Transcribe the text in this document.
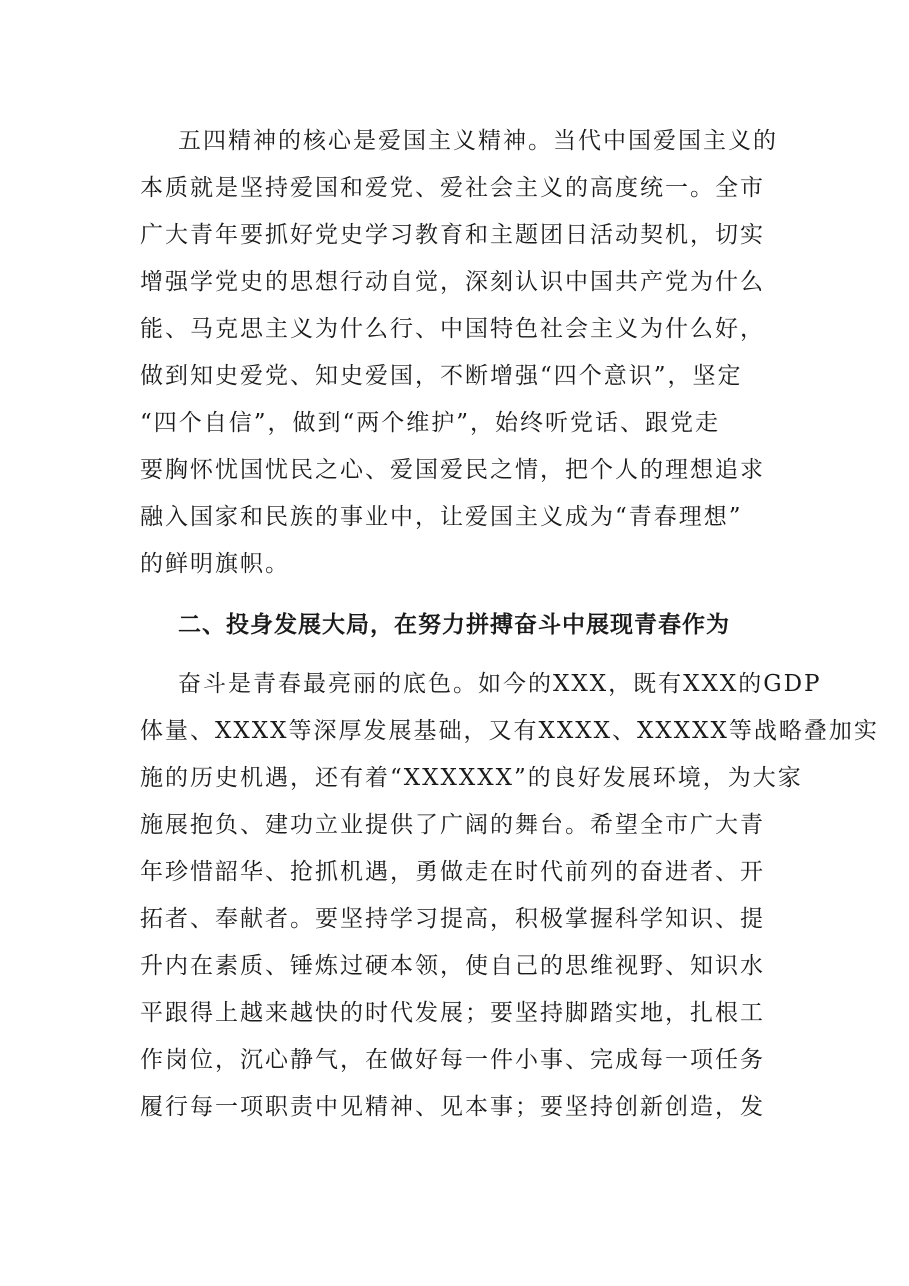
五四精神的核心是爱国主义精神。当代中国爱国主义的
本质就是坚持爱国和爱党、爱社会主义的高度统一。全市
广大青年要抓好党史学习教育和主题团日活动契机，切实
增强学党史的思想行动自觉，深刻认识中国共产党为什么
能、马克思主义为什么行、中国特色社会主义为什么好，
做到知史爱党、知史爱国，不断增强“四个意识”，坚定
“四个自信”，做到“两个维护”，始终听党话、跟党走
要胸怀忧国忧民之心、爱国爱民之情，把个人的理想追求
融入国家和民族的事业中，让爱国主义成为“青春理想”
的鲜明旗帜。
二、投身发展大局，在努力拼搏奋斗中展现青春作为
奋斗是青春最亮丽的底色。如今的XXX，既有XXX的GDP
体量、XXXX等深厚发展基础，又有XXXX、XXXXX等战略叠加实
施的历史机遇，还有着“XXXXXX”的良好发展环境，为大家
施展抱负、建功立业提供了广阔的舞台。希望全市广大青
年珍惜韶华、抢抓机遇，勇做走在时代前列的奋进者、开
拓者、奉献者。要坚持学习提高，积极掌握科学知识、提
升内在素质、锤炼过硬本领，使自己的思维视野、知识水
平跟得上越来越快的时代发展；要坚持脚踏实地，扎根工
作岗位，沉心静气，在做好每一件小事、完成每一项任务
履行每一项职责中见精神、见本事；要坚持创新创造，发
